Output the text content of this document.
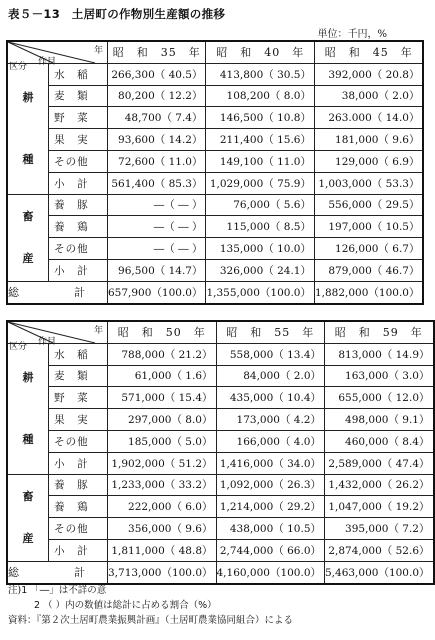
表５－13　土居町の作物別生産額の推移
単位：千円，%
年
作目
区分		昭　和　35　年	昭　和　40　年	昭　和　45　年

耕
種	水　稲	266,300（ 40.5）	413,800（ 30.5）	392,000（ 20.8）
	麦　類	80,200（ 12.2）	108,200（ 8.0）	38,000（ 2.0）
	野　菜	48,700（ 7.4）	146,500（ 10.8）	263.000（ 14.0）
	果　実	93,600（ 14.2）	211,400（ 15.6）	181,000（ 9.6）
	その他	72,600（ 11.0）	149,100（ 11.0）	129,000（ 6.9）
	小　計	561,400（ 85.3）	1,029,000（ 75.9）	1,003,000（ 53.3）

畜
産	養　豚	―（ ― ）	76,000（ 5.6）	556,000（ 29.5）
	養　鶏	―（ ― ）	115,000（ 8.5）	197,000（ 10.5）
	その他	―（ ― ）	135,000（ 10.0）	126,000（ 6.7）
	小　計	96,500（ 14.7）	326,000（ 24.1）	879,000（ 46.7）
総　計		657,900（100.0）	1,355,000（100.0）	1,882,000（100.0）
年
作目
区分		昭　和　50　年	昭　和　55　年	昭　和　59　年

耕
種	水　稲	788,000（ 21.2）	558,000（ 13.4）	813,000（ 14.9）
	麦　類	61,000（ 1.6）	84,000（ 2.0）	163,000（ 3.0）
	野　菜	571,000（ 15.4）	435,000（ 10.4）	655,000（ 12.0）
	果　実	297,000（ 8.0）	173,000（ 4.2）	498,000（ 9.1）
	その他	185,000（ 5.0）	166,000（ 4.0）	460,000（ 8.4）
	小　計	1,902,000（ 51.2）	1,416,000（ 34.0）	2,589,000（ 47.4）

畜
産	養　豚	1,233,000（ 33.2）	1,092,000（ 26.3）	1,432,000（ 26.2）
	養　鶏	222,000（ 6.0）	1,214,000（ 29.2）	1,047,000（ 19.2）
	その他	356,000（ 9.6）	438,000（ 10.5）	395,000（ 7.2）
	小　計	1,811,000（ 48.8）	2,744,000（ 66.0）	2,874,000（ 52.6）
総　計		3,713,000（100.0）	4,160,000（100.0）	5,463,000（100.0）
注)1 「―」は不詳の意
2 （ ）内の数値は総計に占める割合（%）
資料：『第２次土居町農業振興計画』（土居町農業協同組合）による
